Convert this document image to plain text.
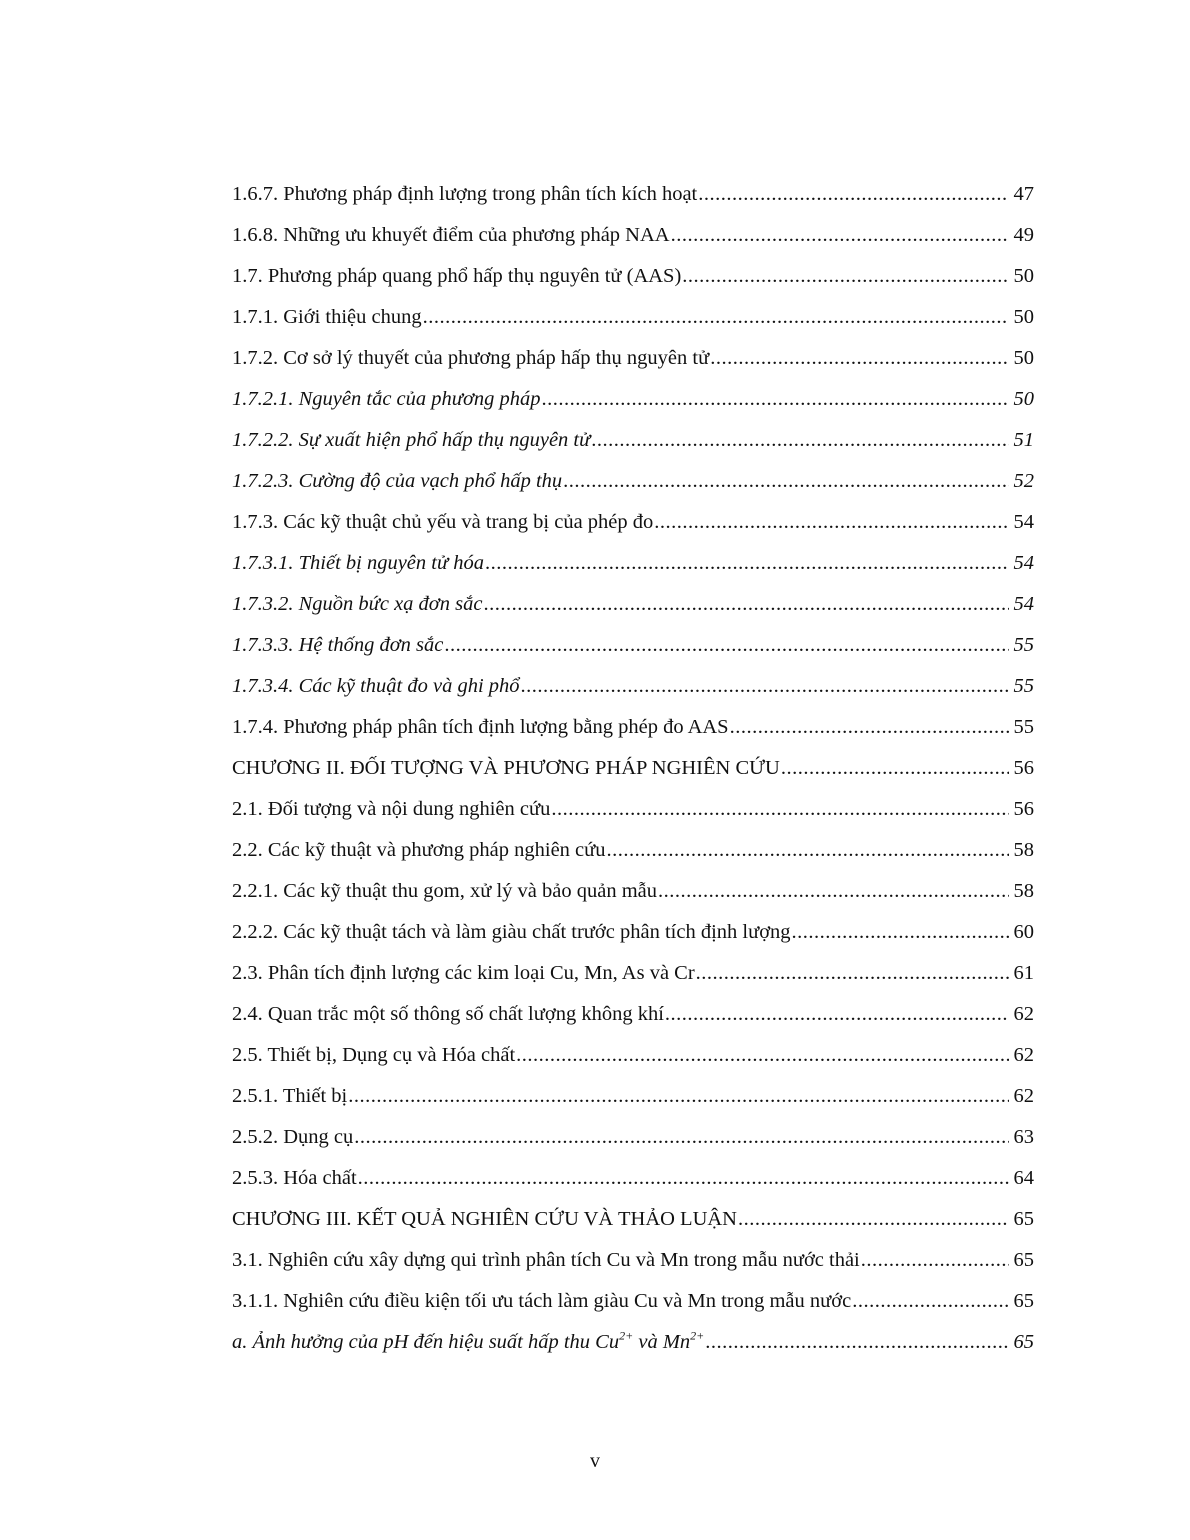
1.6.7. Phương pháp định lượng trong phân tích kích hoạt .....	47
1.6.8. Những ưu khuyết điểm của phương pháp NAA .....	49
1.7. Phương pháp quang phổ hấp thụ nguyên tử (AAS) .....	50
1.7.1. Giới thiệu chung .....	50
1.7.2. Cơ sở lý thuyết của phương pháp hấp thụ nguyên tử .....	50
1.7.2.1. Nguyên tắc của phương pháp .....	50
1.7.2.2. Sự xuất hiện phổ hấp thụ nguyên tử .....	51
1.7.2.3. Cường độ của vạch phổ hấp thụ .....	52
1.7.3. Các kỹ thuật chủ yếu và trang bị của phép đo .....	54
1.7.3.1. Thiết bị nguyên tử hóa .....	54
1.7.3.2. Nguồn bức xạ đơn sắc .....	54
1.7.3.3. Hệ thống đơn sắc .....	55
1.7.3.4. Các kỹ thuật đo và ghi phổ .....	55
1.7.4. Phương pháp phân tích định lượng bằng phép đo AAS .....	55
CHƯƠNG II. ĐỐI TƯỢNG VÀ PHƯƠNG PHÁP NGHIÊN CỨU .....	56
2.1. Đối tượng và nội dung nghiên cứu .....	56
2.2. Các kỹ thuật và phương pháp nghiên cứu .....	58
2.2.1. Các kỹ thuật thu gom, xử lý và bảo quản mẫu .....	58
2.2.2. Các kỹ thuật tách và làm giàu chất trước phân tích định lượng .....	60
2.3. Phân tích định lượng các kim loại Cu, Mn, As và Cr .....	61
2.4. Quan trắc một số thông số chất lượng không khí .....	62
2.5. Thiết bị, Dụng cụ và Hóa chất .....	62
2.5.1. Thiết bị .....	62
2.5.2. Dụng cụ .....	63
2.5.3. Hóa chất .....	64
CHƯƠNG III. KẾT QUẢ NGHIÊN CỨU VÀ THẢO LUẬN .....	65
3.1. Nghiên cứu xây dựng qui trình phân tích Cu và Mn trong mẫu nước thải .....	65
3.1.1. Nghiên cứu điều kiện tối ưu tách làm giàu Cu và Mn trong mẫu nước .....	65
a. Ảnh hưởng của pH đến hiệu suất hấp thu $Cu^{2+}$ và $Mn^{2+}$ .....	65
v
